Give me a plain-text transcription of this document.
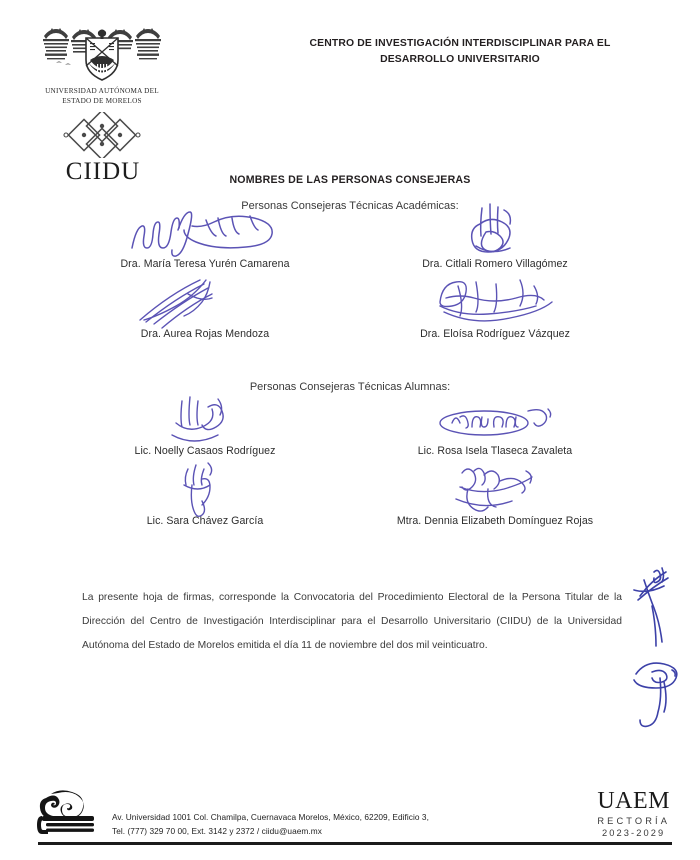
UNIVERSIDAD AUTÓNOMA DEL
ESTADO DE MORELOS
CIIDU
CENTRO DE INVESTIGACIÓN INTERDISCIPLINAR PARA EL
DESARROLLO UNIVERSITARIO
NOMBRES DE LAS PERSONAS CONSEJERAS
Personas Consejeras Técnicas Académicas:
Dra. María Teresa Yurén Camarena	Dra. Citlali Romero Villagómez
Dra. Aurea Rojas Mendoza	Dra. Eloísa Rodríguez Vázquez
Personas Consejeras Técnicas Alumnas:
Lic. Noelly Casaos Rodríguez	Lic. Rosa Isela Tlaseca Zavaleta
Lic. Sara Chávez García	Mtra. Dennia Elizabeth Domínguez Rojas
La presente hoja de firmas, corresponde la Convocatoria del Procedimiento Electoral de la Persona Titular de la Dirección del Centro de Investigación Interdisciplinar para el Desarrollo Universitario (CIIDU) de la Universidad Autónoma del Estado de Morelos emitida el día 11 de noviembre del dos mil veinticuatro.
Av. Universidad 1001 Col. Chamilpa, Cuernavaca Morelos, México, 62209, Edificio 3,
Tel. (777) 329 70 00, Ext. 3142 y 2372 / ciidu@uaem.mx
UAEM
RECTORÍA
2023-2029
